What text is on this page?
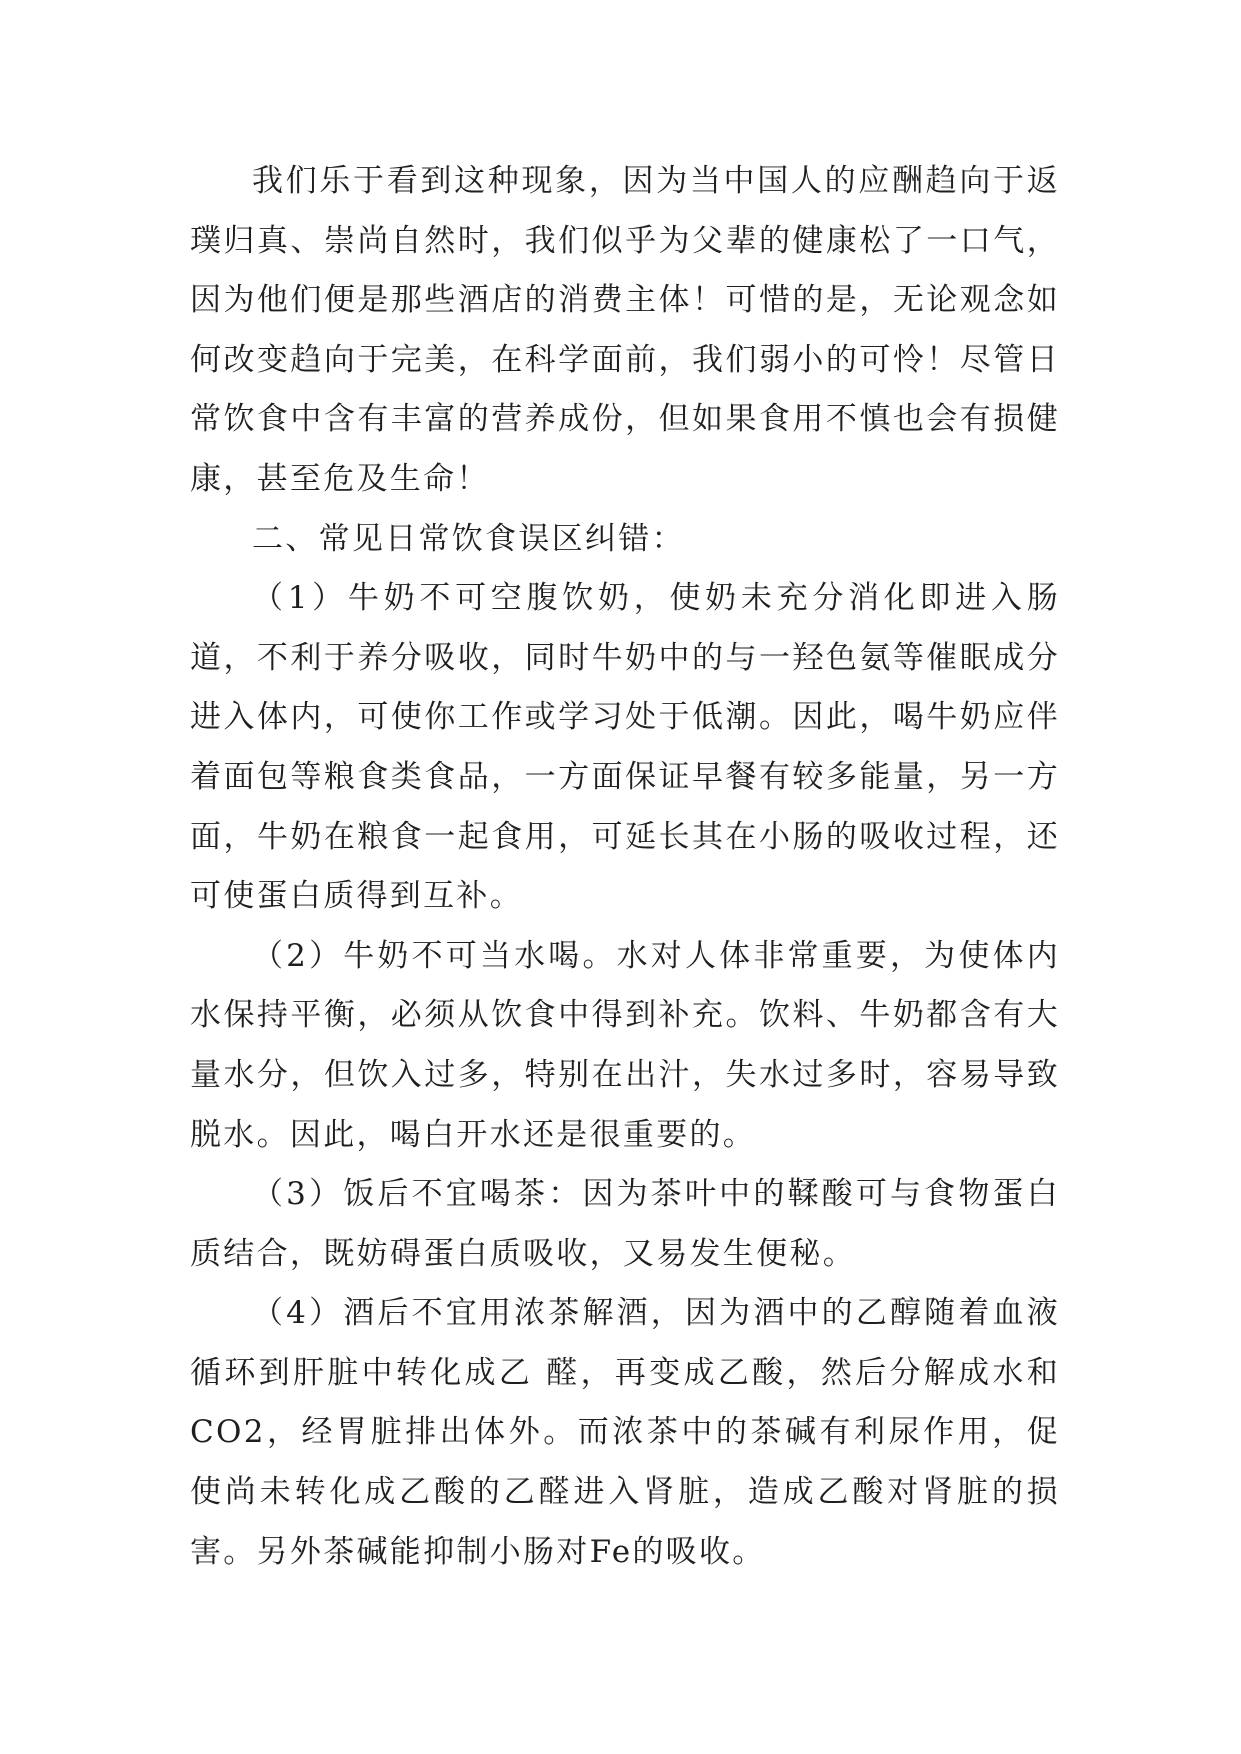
我们乐于看到这种现象，因为当中国人的应酬趋向于返璞归真、崇尚自然时，我们似乎为父辈的健康松了一口气，因为他们便是那些酒店的消费主体！可惜的是，无论观念如何改变趋向于完美，在科学面前，我们弱小的可怜！尽管日常饮食中含有丰富的营养成份，但如果食用不慎也会有损健康，甚至危及生命！

二、常见日常饮食误区纠错：

（1）牛奶不可空腹饮奶，使奶未充分消化即进入肠道，不利于养分吸收，同时牛奶中的与一羟色氨等催眠成分进入体内，可使你工作或学习处于低潮。因此，喝牛奶应伴着面包等粮食类食品，一方面保证早餐有较多能量，另一方面，牛奶在粮食一起食用，可延长其在小肠的吸收过程，还可使蛋白质得到互补。

（2）牛奶不可当水喝。水对人体非常重要，为使体内水保持平衡，必须从饮食中得到补充。饮料、牛奶都含有大量水分，但饮入过多，特别在出汁，失水过多时，容易导致脱水。因此，喝白开水还是很重要的。

（3）饭后不宜喝茶：因为茶叶中的鞣酸可与食物蛋白质结合，既妨碍蛋白质吸收，又易发生便秘。

（4）酒后不宜用浓茶解酒，因为酒中的乙醇随着血液循环到肝脏中转化成乙 醛，再变成乙酸，然后分解成水和CO2，经胃脏排出体外。而浓茶中的茶碱有利尿作用，促使尚未转化成乙酸的乙醛进入肾脏，造成乙酸对肾脏的损害。另外茶碱能抑制小肠对Fe的吸收。
